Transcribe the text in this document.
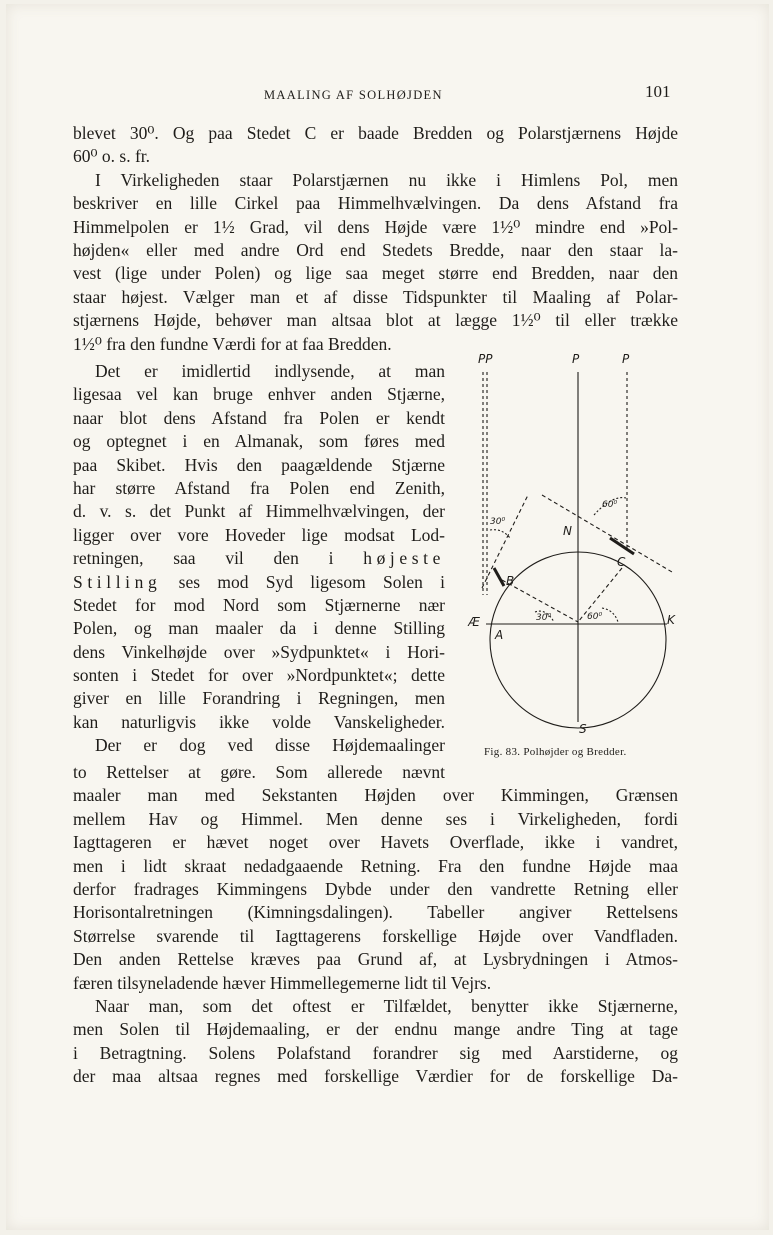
MAALING AF SOLHØJDEN	101
blevet 30⁰. Og paa Stedet C er baade Bredden og Polarstjærnens Højde
60⁰ o. s. fr.
I Virkeligheden staar Polarstjærnen nu ikke i Himlens Pol, men
beskriver en lille Cirkel paa Himmelhvælvingen. Da dens Afstand fra
Himmelpolen er 1½ Grad, vil dens Højde være 1½⁰ mindre end »Pol-
højden« eller med andre Ord end Stedets Bredde, naar den staar la-
vest (lige under Polen) og lige saa meget større end Bredden, naar den
staar højest. Vælger man et af disse Tidspunkter til Maaling af Polar-
stjærnens Højde, behøver man altsaa blot at lægge 1½⁰ til eller trække
1½⁰ fra den fundne Værdi for at faa Bredden.
Det er imidlertid indlysende, at man
ligesaa vel kan bruge enhver anden Stjærne,
naar blot dens Afstand fra Polen er kendt
og optegnet i en Almanak, som føres med
paa Skibet. Hvis den paagældende Stjærne
har større Afstand fra Polen end Zenith,
d. v. s. det Punkt af Himmelhvælvingen, der
ligger over vore Hoveder lige modsat Lod-
retningen, saa vil den i højeste
Stilling ses mod Syd ligesom Solen i
Stedet for mod Nord som Stjærnerne nær
Polen, og man maaler da i denne Stilling
dens Vinkelhøjde over »Sydpunktet« i Hori-
sonten i Stedet for over »Nordpunktet«; dette
giver en lille Forandring i Regningen, men
kan naturligvis ikke volde Vanskeligheder.
Der er dog ved disse Højdemaalinger
to Rettelser at gøre. Som allerede nævnt
maaler man med Sekstanten Højden over Kimmingen, Grænsen
mellem Hav og Himmel. Men denne ses i Virkeligheden, fordi
Iagttageren er hævet noget over Havets Overflade, ikke i vandret,
men i lidt skraat nedadgaaende Retning. Fra den fundne Højde maa
derfor fradrages Kimmingens Dybde under den vandrette Retning eller
Horisontalretningen (Kimningsdalingen). Tabeller angiver Rettelsens
Størrelse svarende til Iagttagerens forskellige Højde over Vandfladen.
Den anden Rettelse kræves paa Grund af, at Lysbrydningen i Atmos-
færen tilsyneladende hæver Himmellegemerne lidt til Vejrs.
Naar man, som det oftest er Tilfældet, benytter ikke Stjærnerne,
men Solen til Højdemaaling, er der endnu mange andre Ting at tage
i Betragtning. Solens Polafstand forandrer sig med Aarstiderne, og
der maa altsaa regnes med forskellige Værdier for de forskellige Da-
PP	P	P
N
S
K
Æ
A
B
C
30⁰
60⁰
30⁰	60⁰
Fig. 83. Polhøjder og Bredder.
